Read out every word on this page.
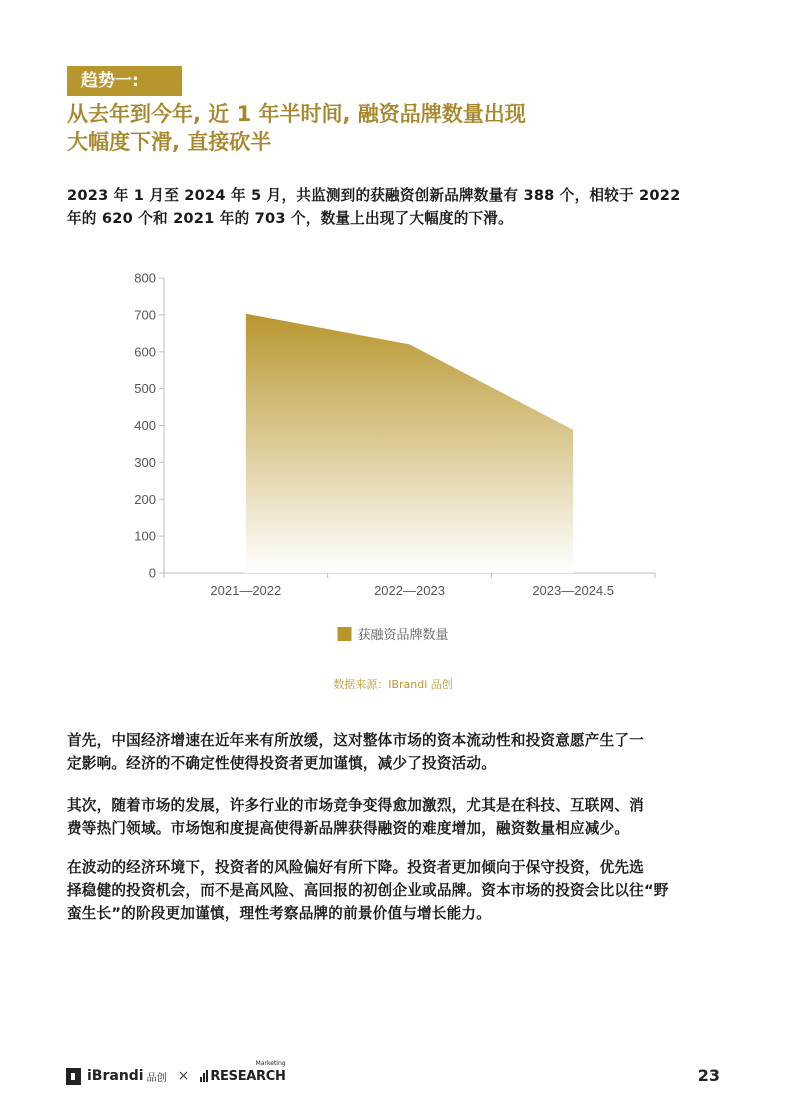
趋势一:
从去年到今年, 近 1 年半时间, 融资品牌数量出现
大幅度下滑, 直接砍半
2023 年 1 月至 2024 年 5 月，共监测到的获融资创新品牌数量有 388 个，相较于 2022
年的 620 个和 2021 年的 703 个，数量上出现了大幅度的下滑。
0
100
200
300
400
500
600
700
800
2021—2022	2022—2023	2023—2024.5
获融资品牌数量
数据来源：IBrandi 品创
首先，中国经济增速在近年来有所放缓，这对整体市场的资本流动性和投资意愿产生了一
定影响。经济的不确定性使得投资者更加谨慎，减少了投资活动。
其次，随着市场的发展，许多行业的市场竞争变得愈加激烈，尤其是在科技、互联网、消
费等热门领域。市场饱和度提高使得新品牌获得融资的难度增加，融资数量相应减少。
在波动的经济环境下，投资者的风险偏好有所下降。投资者更加倾向于保守投资，优先选
择稳健的投资机会，而不是高风险、高回报的初创企业或品牌。资本市场的投资会比以往“野
蛮生长”的阶段更加谨慎，理性考察品牌的前景价值与增长能力。
iBrandi 品创 ×
Marketing
RESEARCH	23
